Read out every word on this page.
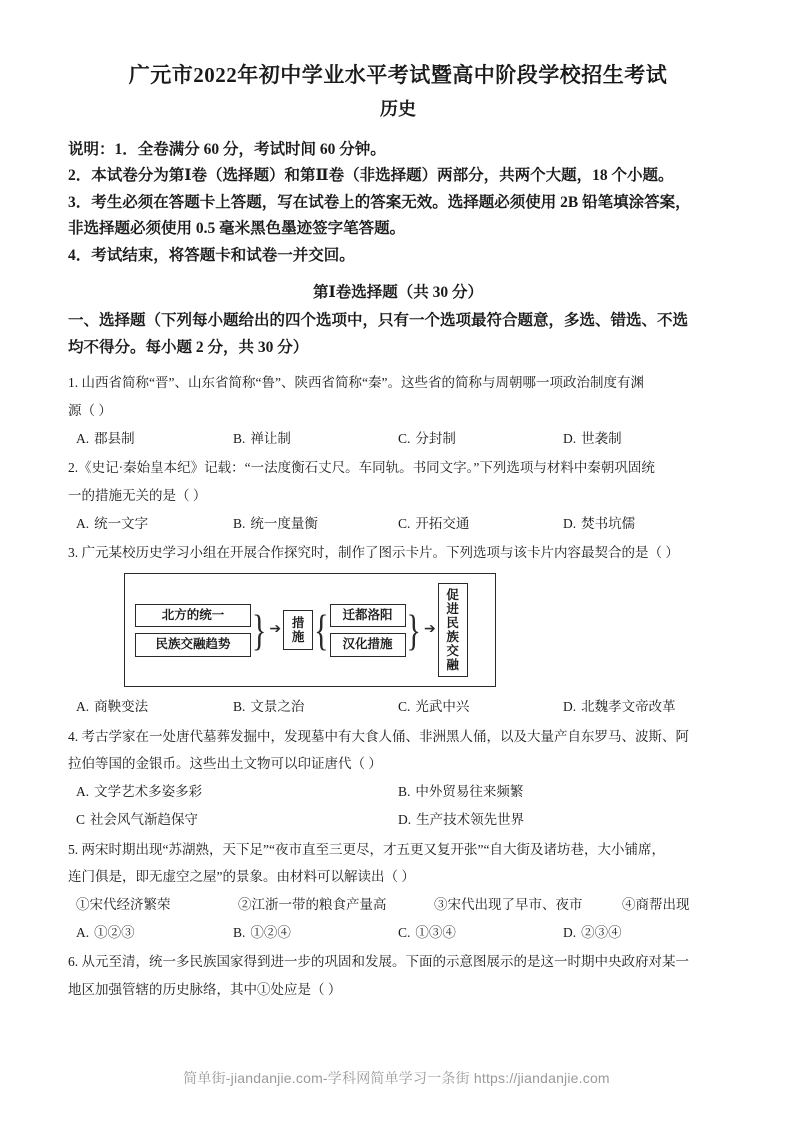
广元市2022年初中学业水平考试暨高中阶段学校招生考试
历史

说明：1．全卷满分 60 分，考试时间 60 分钟。

2．本试卷分为第Ⅰ卷（选择题）和第Ⅱ卷（非选择题）两部分，共两个大题，18 个小题。

3．考生必须在答题卡上答题，写在试卷上的答案无效。选择题必须使用 2B 铅笔填涂答案，

非选择题必须使用 0.5 毫米黑色墨迹签字笔答题。

4．考试结束，将答题卡和试卷一并交回。

第Ⅰ卷选择题（共 30 分）
一、选择题（下列每小题给出的四个选项中，只有一个选项最符合题意，多选、错选、不选
均不得分。每小题 2 分，共 30 分）

1. 山西省简称“晋”、山东省简称“鲁”、陕西省简称“秦”。这些省的简称与周朝哪一项政治制度有渊

源（ ）

A. 郡县制	B. 禅让制	C. 分封制	D. 世袭制

2.《史记·秦始皇本纪》记载：“一法度衡石丈尺。车同轨。书同文字。”下列选项与材料中秦朝巩固统

一的措施无关的是（ ）

A. 统一文字	B. 统一度量衡	C. 开拓交通	D. 焚书坑儒

3. 广元某校历史学习小组在开展合作探究时，制作了图示卡片。下列选项与该卡片内容最契合的是（ ）

北方的统一
民族交融趋势 } ➔ 措施 {	迁都洛阳
汉化措施 } ➔
促进民族交融
A. 商鞅变法	B. 文景之治	C. 光武中兴	D. 北魏孝文帝改革

4. 考古学家在一处唐代墓葬发掘中，发现墓中有大食人俑、非洲黑人俑，以及大量产自东罗马、波斯、阿

拉伯等国的金银币。这些出土文物可以印证唐代（ ）

A. 文学艺术多姿多彩	B. 中外贸易往来频繁
C 社会风气渐趋保守	D. 生产技术领先世界

5. 两宋时期出现“苏湖熟，天下足”“夜市直至三更尽，才五更又复开张”“自大街及诸坊巷，大小铺席，

连门俱是，即无虚空之屋”的景象。由材料可以解读出（ ）

①宋代经济繁荣	②江浙一带的粮食产量高	③宋代出现了早市、夜市	④商帮出现
A. ①②③	B. ①②④	C. ①③④	D. ②③④

6. 从元至清，统一多民族国家得到进一步的巩固和发展。下面的示意图展示的是这一时期中央政府对某一

地区加强管辖的历史脉络，其中①处应是（ ）

简单街-jiandanjie.com-学科网简单学习一条街 https://jiandanjie.com
